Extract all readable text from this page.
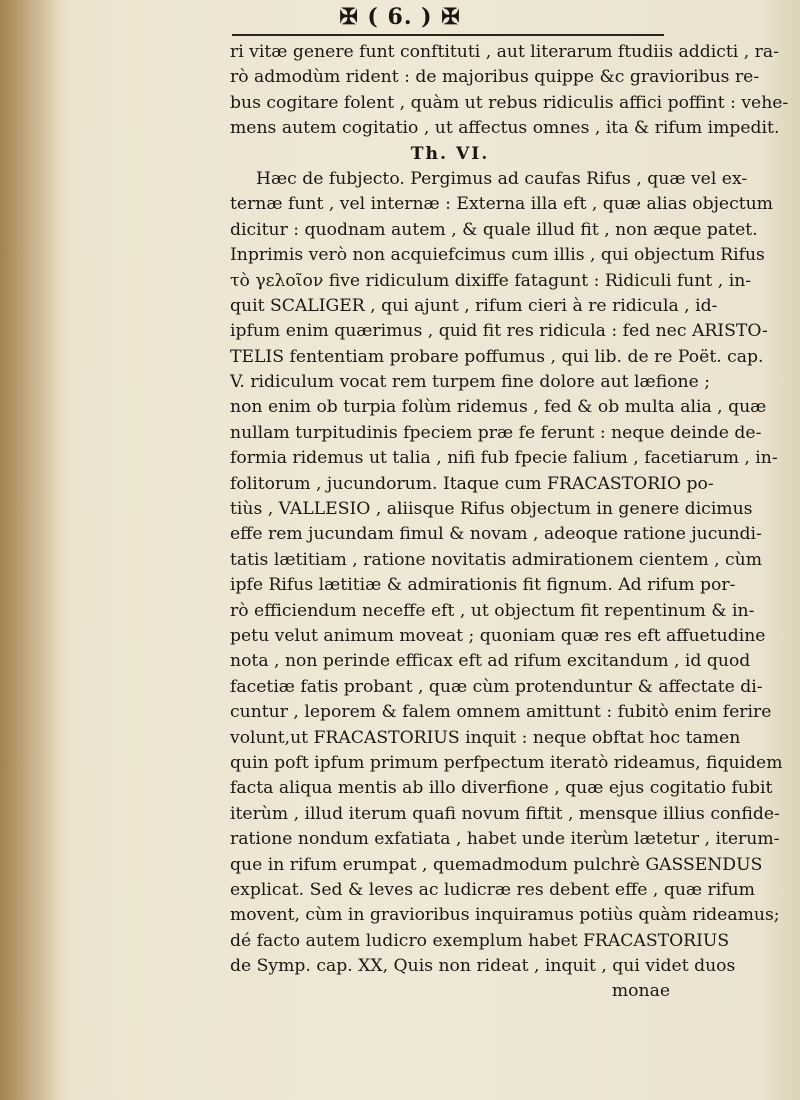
✠ ( 6. ) ✠
ri vitæ genere funt conftituti , aut literarum ftudiis addicti , ra-
rò admodùm rident : de majoribus quippe &c gravioribus re-
bus cogitare folent , quàm ut rebus ridiculis affici poffint : vehe-
mens autem cogitatio , ut affectus omnes , ita & rifum impedit.
Th. VI.
Hæc de fubjecto. Pergimus ad caufas Rifus , quæ vel ex-
ternæ funt , vel internæ : Externa illa eft , quæ alias objectum
dicitur : quodnam autem , & quale illud fit , non æque patet.
Inprimis verò non acquiefcimus cum illis , qui objectum Rifus
τὸ γελοῖον five ridiculum dixiffe fatagunt : Ridiculi funt , in-
quit SCALIGER , qui ajunt , rifum cieri à re ridicula , id-
ipfum enim quærimus , quid fit res ridicula : fed nec ARISTO-
TELIS fententiam probare poffumus , qui lib. de re Poët. cap.
V. ridiculum vocat rem turpem fine dolore aut læfione ;
non enim ob turpia folùm ridemus , fed & ob multa alia , quæ
nullam turpitudinis fpeciem præ fe ferunt : neque deinde de-
formia ridemus ut talia , nifi fub fpecie falium , facetiarum , in-
folitorum , jucundorum. Itaque cum FRACASTORIO po-
tiùs , VALLESIO , aliisque Rifus objectum in genere dicimus
effe rem jucundam fimul & novam , adeoque ratione jucundi-
tatis lætitiam , ratione novitatis admirationem cientem , cùm
ipfe Rifus lætitiæ & admirationis fit fignum. Ad rifum por-
rò efficiendum neceffe eft , ut objectum fit repentinum & in-
petu velut animum moveat ; quoniam quæ res eft affuetudine
nota , non perinde efficax eft ad rifum excitandum , id quod
facetiæ fatis probant , quæ cùm protenduntur & affectate di-
cuntur , leporem & falem omnem amittunt : fubitò enim ferire
volunt,ut FRACASTORIUS inquit : neque obftat hoc tamen
quin poft ipfum primum perfpectum iteratò rideamus, fiquidem
facta aliqua mentis ab illo diverfione , quæ ejus cogitatio fubit
iterùm , illud iterum quafi novum fiftit , mensque illius confide-
ratione nondum exfatiata , habet unde iterùm lætetur , iterum-
que in rifum erumpat , quemadmodum pulchrè GASSENDUS
explicat. Sed & leves ac ludicræ res debent effe , quæ rifum
movent, cùm in gravioribus inquiramus potiùs quàm rideamus;
dé facto autem ludicro exemplum habet FRACASTORIUS
de Symp. cap. XX, Quis non rideat , inquit , qui videt duos
monae
